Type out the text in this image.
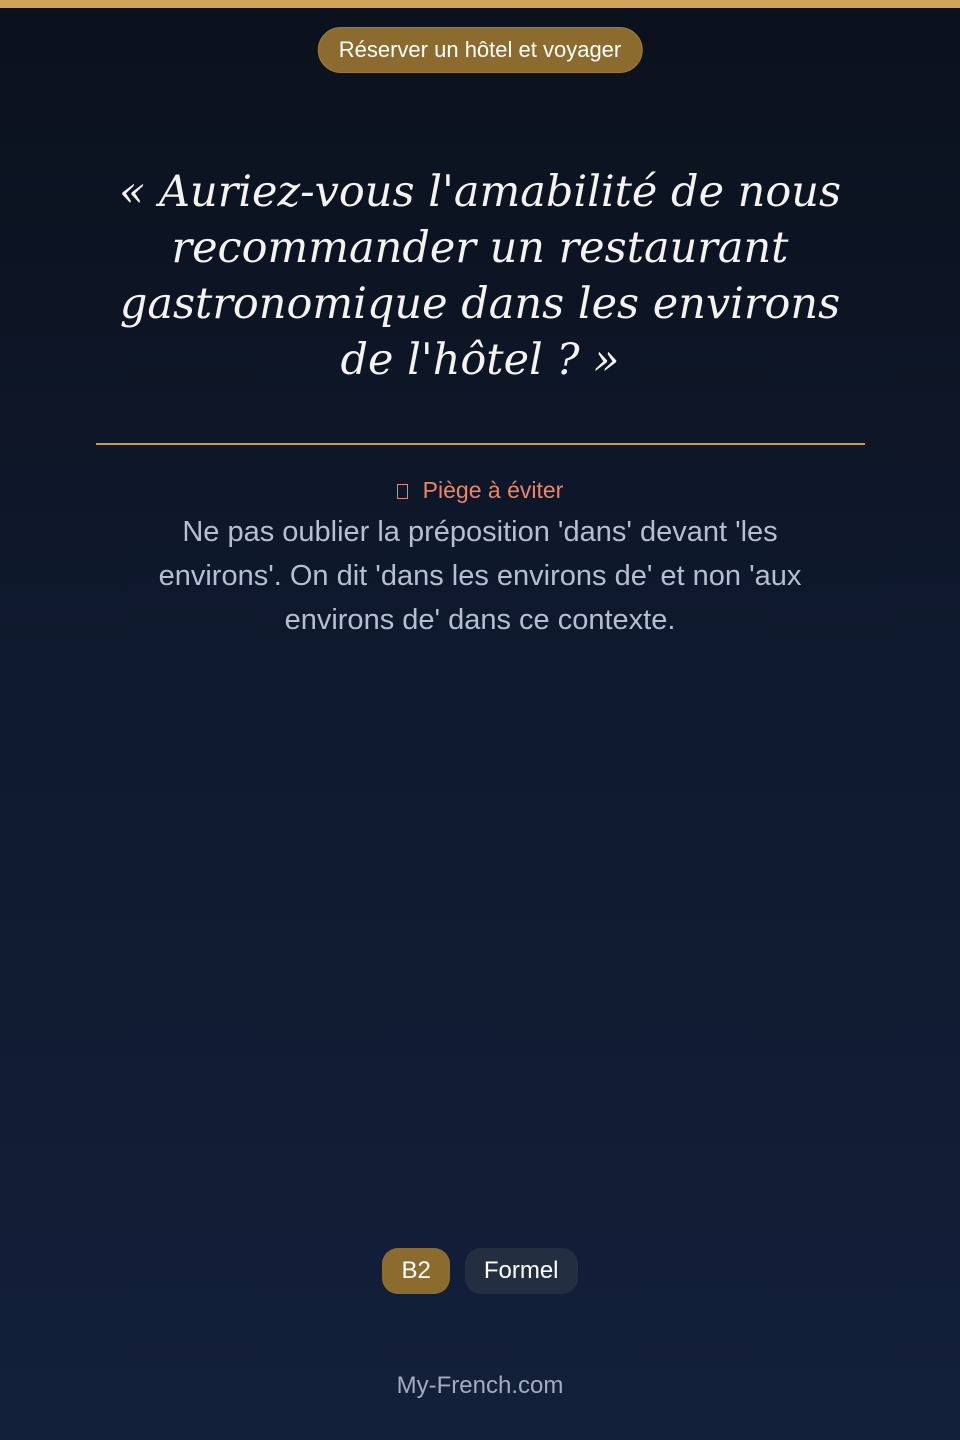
Réserver un hôtel et voyager
« Auriez-vous l'amabilité de nous recommander un restaurant gastronomique dans les environs de l'hôtel ? »
Piège à éviter

Ne pas oublier la préposition 'dans' devant 'les environs'. On dit 'dans les environs de' et non 'aux environs de' dans ce contexte.

B2	Formel
My-French.com
